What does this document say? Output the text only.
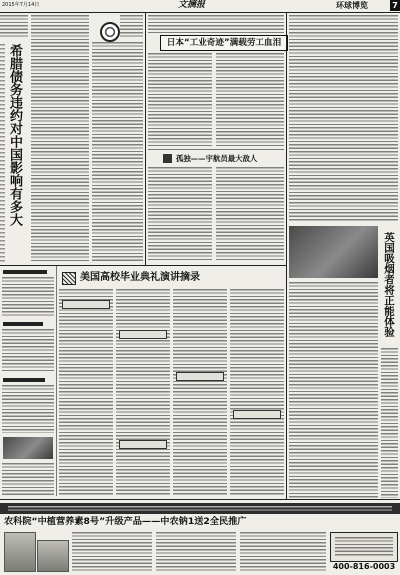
2015年7月14日	文摘报	环球博览	7
希腊债务违约对中国影响有多大
日本“工业奇迹”满载劳工血泪
孤独——宇航员最大敌人
英国吸烟者将正能体验
美国高校毕业典礼演讲摘录
农科院“中植营养素8号”升级产品——中农钠1送2全民推广
400-816-0003
